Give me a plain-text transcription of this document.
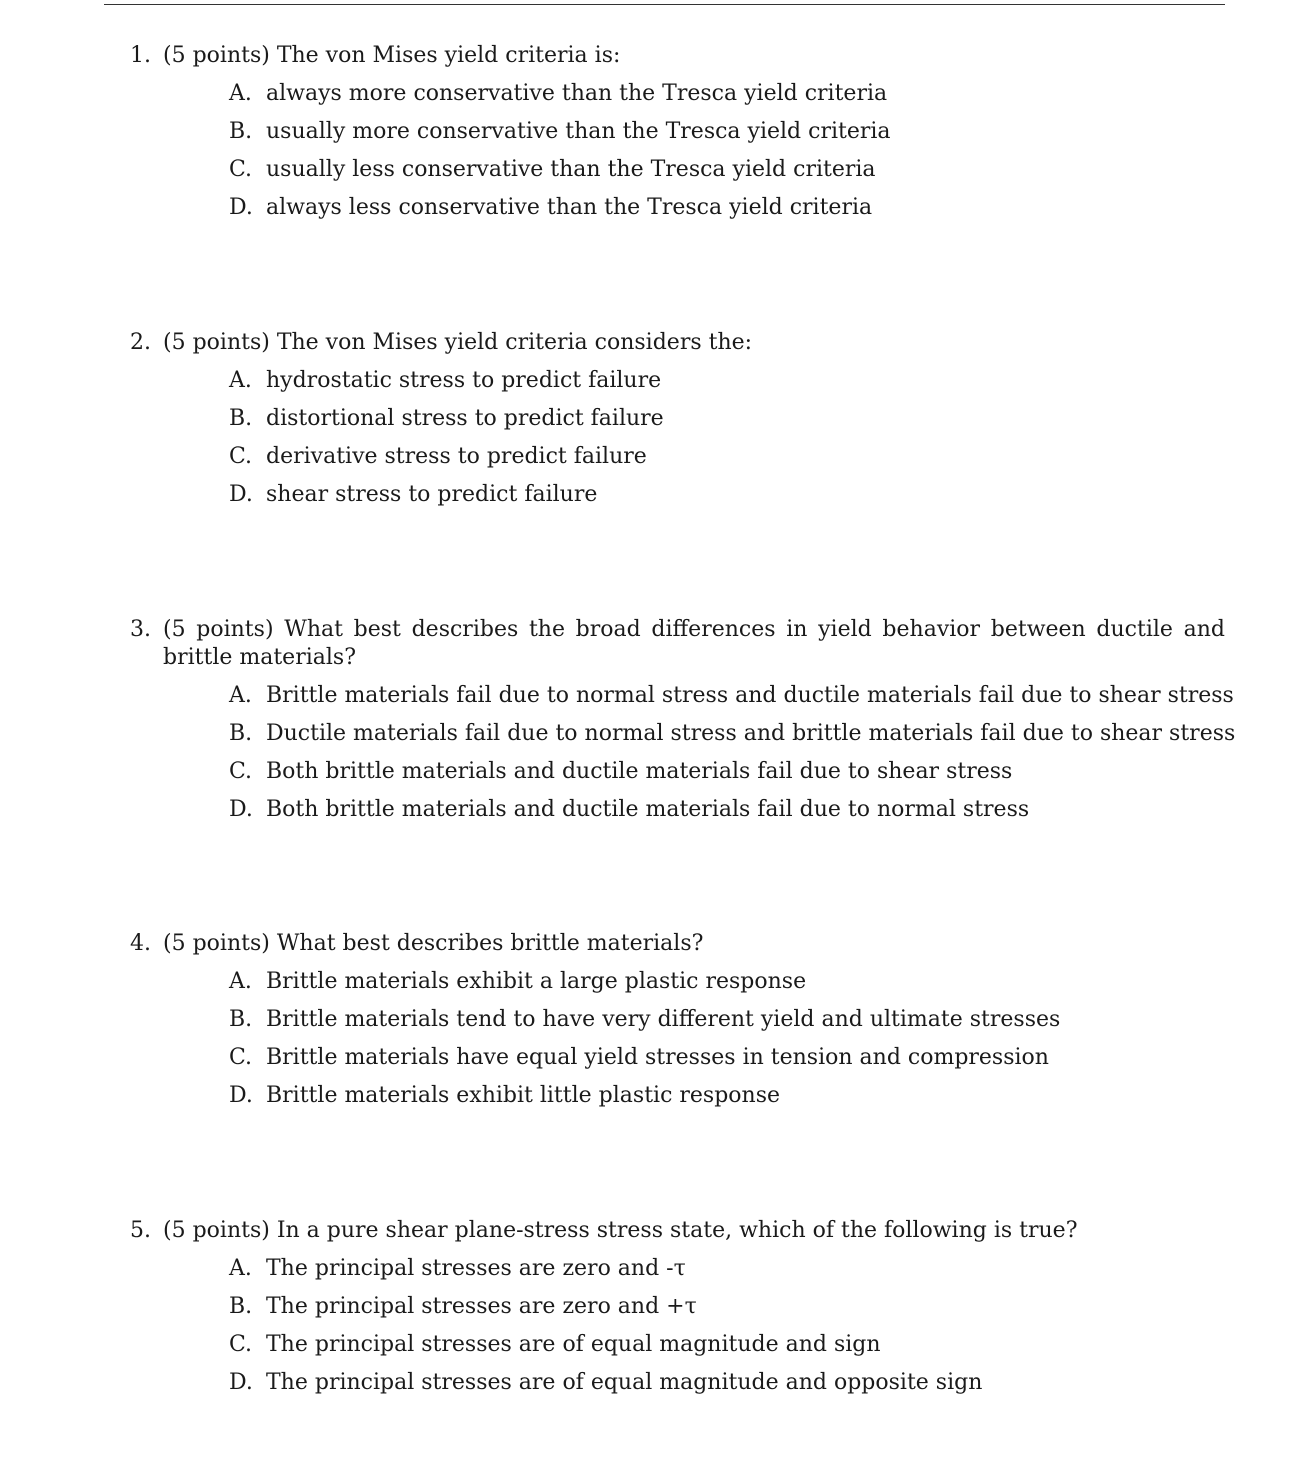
1. (5 points) The von Mises yield criteria is:

A. always more conservative than the Tresca yield criteria
B. usually more conservative than the Tresca yield criteria
C. usually less conservative than the Tresca yield criteria
D. always less conservative than the Tresca yield criteria

2. (5 points) The von Mises yield criteria considers the:

A. hydrostatic stress to predict failure
B. distortional stress to predict failure
C. derivative stress to predict failure
D. shear stress to predict failure

3. (5 points) What best describes the broad differences in yield behavior between ductile and brittle materials?

A. Brittle materials fail due to normal stress and ductile materials fail due to shear stress
B. Ductile materials fail due to normal stress and brittle materials fail due to shear stress
C. Both brittle materials and ductile materials fail due to shear stress
D. Both brittle materials and ductile materials fail due to normal stress

4. (5 points) What best describes brittle materials?

A. Brittle materials exhibit a large plastic response
B. Brittle materials tend to have very different yield and ultimate stresses
C. Brittle materials have equal yield stresses in tension and compression
D. Brittle materials exhibit little plastic response

5. (5 points) In a pure shear plane-stress stress state, which of the following is true?

A. The principal stresses are zero and -τ
B. The principal stresses are zero and +τ
C. The principal stresses are of equal magnitude and sign
D. The principal stresses are of equal magnitude and opposite sign
